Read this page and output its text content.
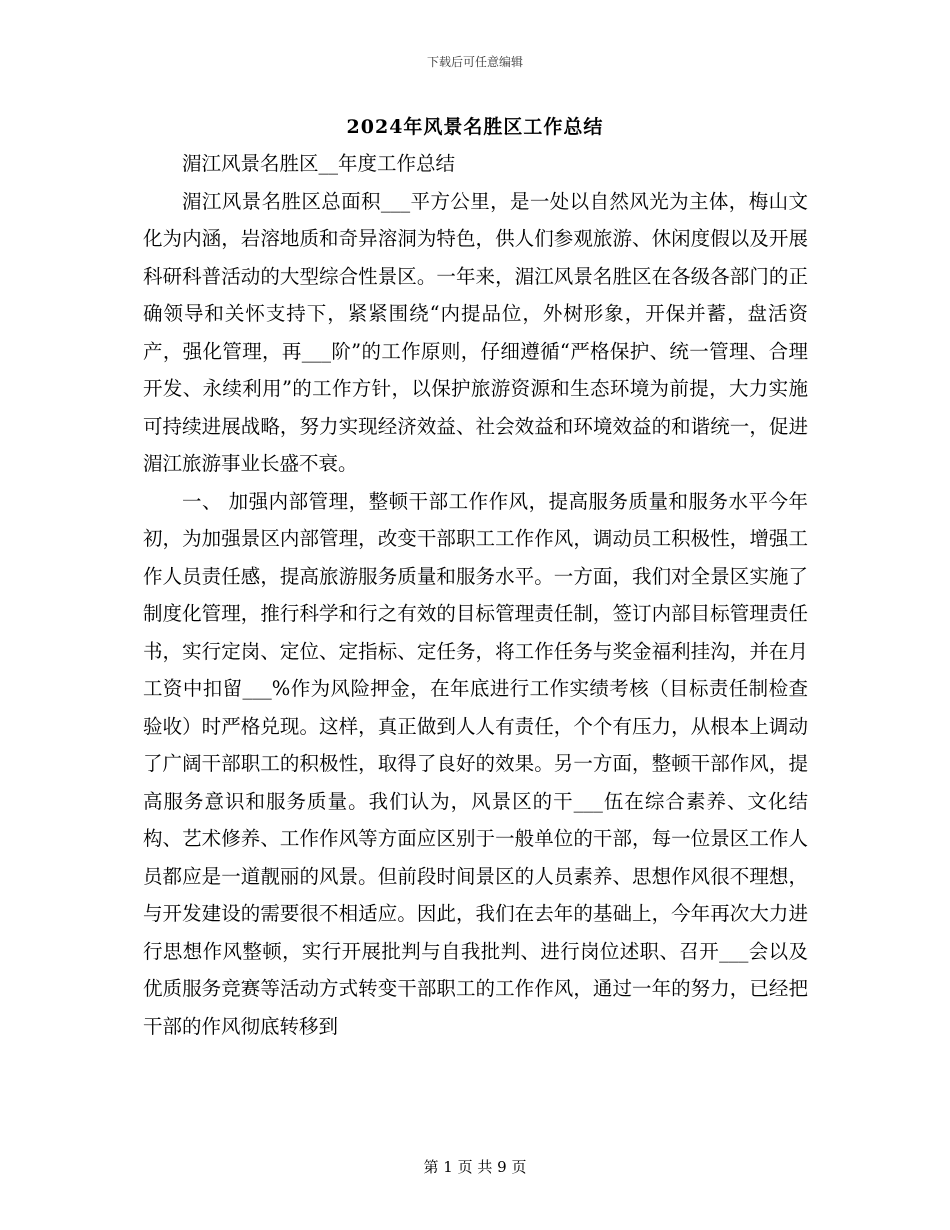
下载后可任意编辑
2024年风景名胜区工作总结

湄江风景名胜区__年度工作总结

湄江风景名胜区总面积___平方公里，是一处以自然风光为主体，梅山文化为内涵，岩溶地质和奇异溶洞为特色，供人们参观旅游、休闲度假以及开展科研科普活动的大型综合性景区。一年来，湄江风景名胜区在各级各部门的正确领导和关怀支持下，紧紧围绕“内提品位，外树形象，开保并蓄，盘活资产，强化管理，再___阶”的工作原则，仔细遵循“严格保护、统一管理、合理开发、永续利用”的工作方针，以保护旅游资源和生态环境为前提，大力实施可持续进展战略，努力实现经济效益、社会效益和环境效益的和谐统一，促进湄江旅游事业长盛不衰。

一、 加强内部管理，整顿干部工作作风，提高服务质量和服务水平今年初，为加强景区内部管理，改变干部职工工作作风，调动员工积极性，增强工作人员责任感，提高旅游服务质量和服务水平。一方面，我们对全景区实施了制度化管理，推行科学和行之有效的目标管理责任制，签订内部目标管理责任书，实行定岗、定位、定指标、定任务，将工作任务与奖金福利挂沟，并在月工资中扣留___%作为风险押金，在年底进行工作实绩考核（目标责任制检查验收）时严格兑现。这样，真正做到人人有责任，个个有压力，从根本上调动了广阔干部职工的积极性，取得了良好的效果。另一方面，整顿干部作风，提高服务意识和服务质量。我们认为，风景区的干___伍在综合素养、文化结构、艺术修养、工作作风等方面应区别于一般单位的干部，每一位景区工作人员都应是一道靓丽的风景。但前段时间景区的人员素养、思想作风很不理想，与开发建设的需要很不相适应。因此，我们在去年的基础上，今年再次大力进行思想作风整顿，实行开展批判与自我批判、进行岗位述职、召开___会以及优质服务竞赛等活动方式转变干部职工的工作作风，通过一年的努力，已经把干部的作风彻底转移到

第 1 页 共 9 页
